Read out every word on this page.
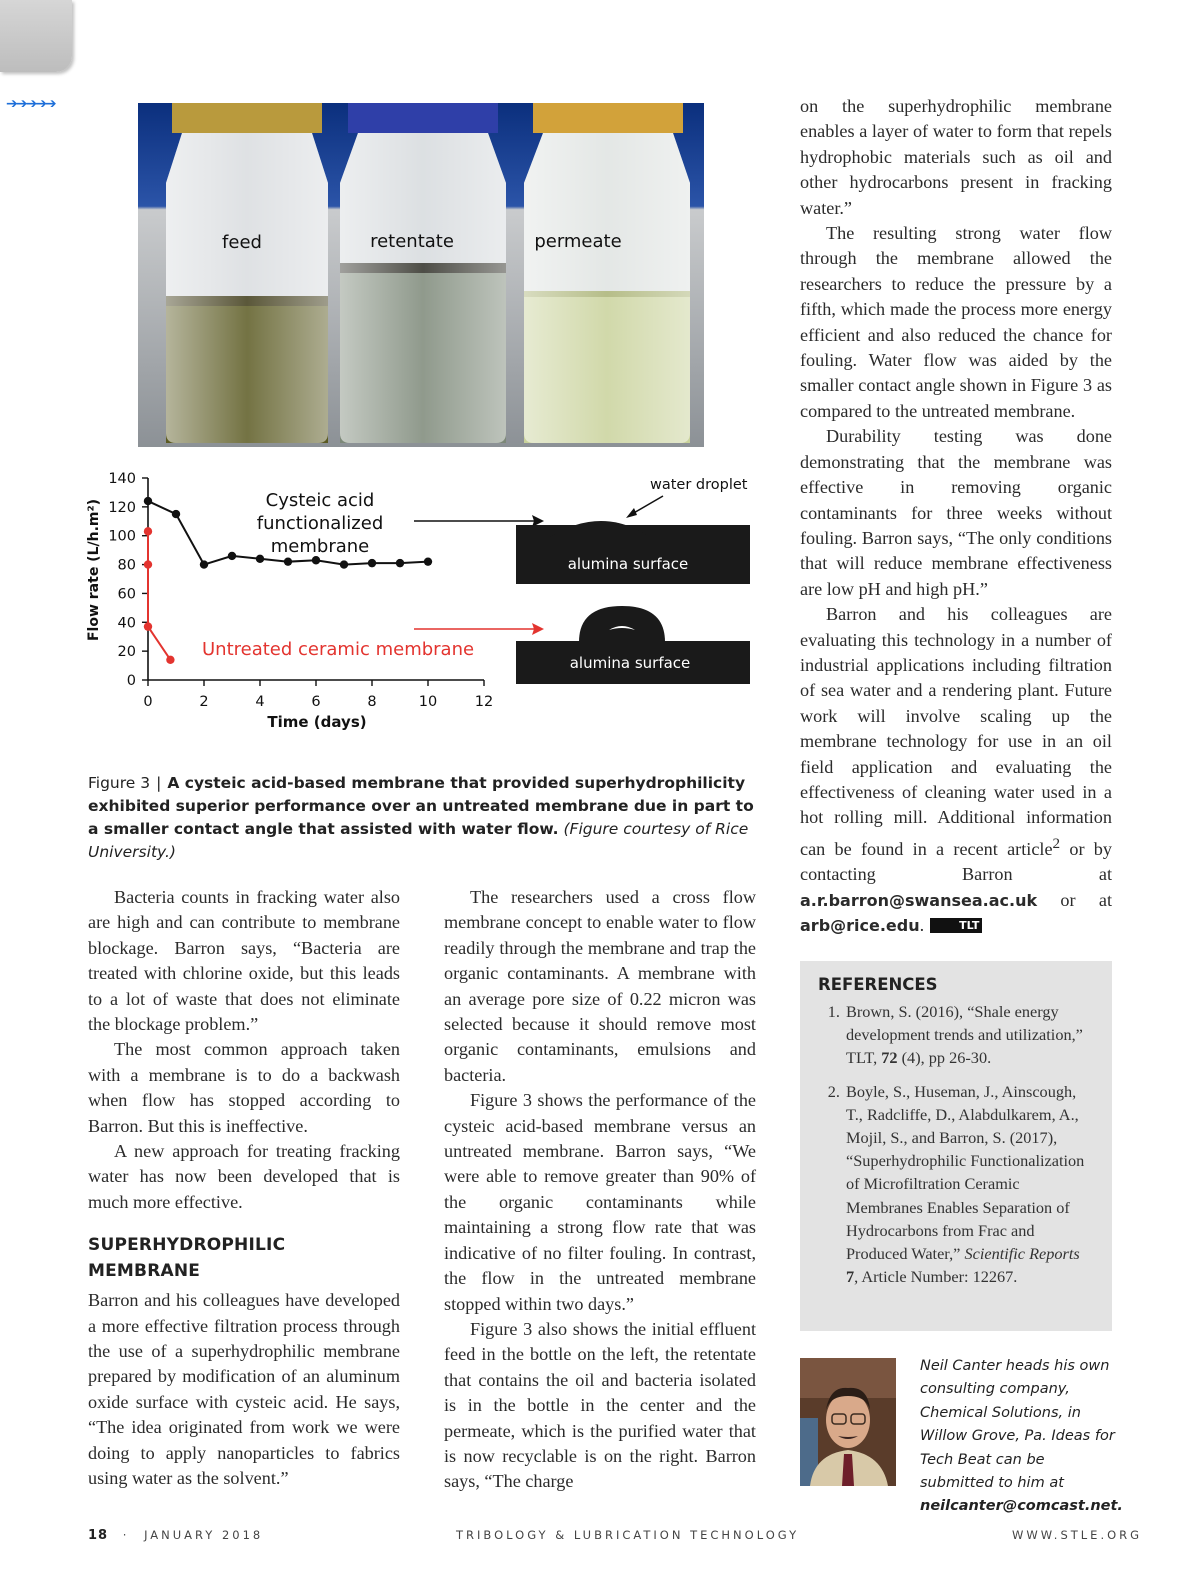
➔➔➔➔➔
feed	retentate	permeate
0
20
40
60
80
100
120
140
0	2	4	6	8	10	12
Flow rate (L/h.m²)
Time (days)
Cysteic acid
functionalized
membrane
Untreated ceramic membrane
alumina surface
water droplet
alumina surface
Figure 3 | A cysteic acid-based membrane that provided superhydrophilicity exhibited superior performance over an untreated membrane due in part to a smaller contact angle that assisted with water flow. (Figure courtesy of Rice University.)

Bacteria counts in fracking water also are high and can contribute to membrane blockage. Barron says, “Bacteria are treated with chlorine oxide, but this leads to a lot of waste that does not eliminate the blockage problem.”

The most common approach taken with a membrane is to do a backwash when flow has stopped according to Barron. But this is ineffective.

A new approach for treating fracking water has now been developed that is much more effective.

SUPERHYDROPHILIC MEMBRANE

Barron and his colleagues have developed a more effective filtration process through the use of a superhydrophilic membrane prepared by modification of an aluminum oxide surface with cysteic acid. He says, “The idea originated from work we were doing to apply nanoparticles to fabrics using water as the solvent.”

The researchers used a cross flow membrane concept to enable water to flow readily through the membrane and trap the organic contaminants. A membrane with an average pore size of 0.22 micron was selected because it should remove most organic contaminants, emulsions and bacteria.

Figure 3 shows the performance of the cysteic acid-based membrane versus an untreated membrane. Barron says, “We were able to remove greater than 90% of the organic contaminants while maintaining a strong flow rate that was indicative of no filter fouling. In contrast, the flow in the untreated membrane stopped within two days.”

Figure 3 also shows the initial effluent feed in the bottle on the left, the retentate that contains the oil and bacteria isolated is in the bottle in the center and the permeate, which is the purified water that is now recyclable is on the right. Barron says, “The charge

on the superhydrophilic membrane enables a layer of water to form that repels hydrophobic materials such as oil and other hydrocarbons present in fracking water.”

The resulting strong water flow through the membrane allowed the researchers to reduce the pressure by a fifth, which made the process more energy efficient and also reduced the chance for fouling. Water flow was aided by the smaller contact angle shown in Figure 3 as compared to the untreated membrane.

Durability testing was done demonstrating that the membrane was effective in removing organic contaminants for three weeks without fouling. Barron says, “The only conditions that will reduce membrane effectiveness are low pH and high pH.”

Barron and his colleagues are evaluating this technology in a number of industrial applications including filtration of sea water and a rendering plant. Future work will involve scaling up the membrane technology for use in an oil field application and evaluating the effectiveness of cleaning water used in a hot rolling mill. Additional information can be found in a recent article$^2$ or by contacting Barron at a.r.barron@swansea.ac.uk or at arb@rice.edu.	TLT

REFERENCES
1. Brown, S. (2016), “Shale energy development trends and utilization,” TLT, 72 (4), pp 26-30.
2. Boyle, S., Huseman, J., Ainscough, T., Radcliffe, D., Alabdulkarem, A., Mojil, S., and Barron, S. (2017), “Superhydrophilic Functionalization of Microfiltration Ceramic Membranes Enables Separation of Hydrocarbons from Frac and Produced Water,” Scientific Reports 7, Article Number: 12267.
Neil Canter heads his own consulting company, Chemical Solutions, in Willow Grove, Pa. Ideas for Tech Beat can be submitted to him at neilcanter@comcast.net.
18 · JANUARY 2018	TRIBOLOGY & LUBRICATION TECHNOLOGY	WWW.STLE.ORG
